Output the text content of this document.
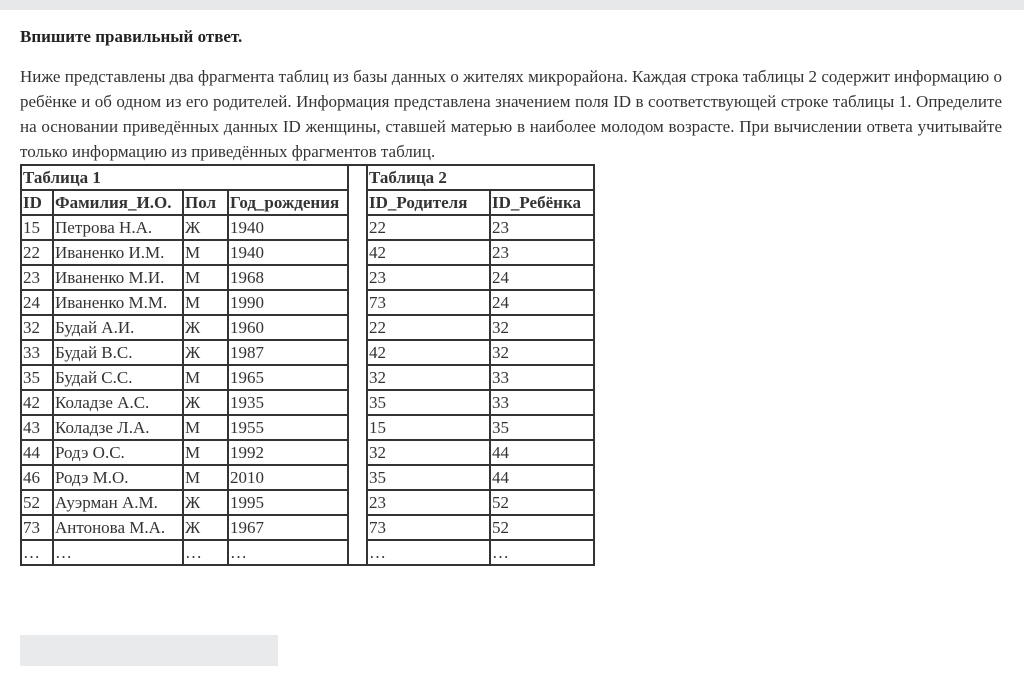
Впишите правильный ответ.

Ниже представлены два фрагмента таблиц из базы данных о жителях микрорайона. Каждая строка таблицы 2 содержит информацию о ребёнке и об одном из его родителей. Информация представлена значением поля ID в соответствующей строке таблицы 1. Определите на основании приведённых данных ID женщины, ставшей матерью в наиболее молодом возрасте. При вычислении ответа учитывайте только информацию из приведённых фрагментов таблиц.

Таблица 1					Таблица 2	
ID	Фамилия_И.О.	Пол	Год_рождения		ID_Родителя	ID_Ребёнка
15	Петрова Н.А.	Ж	1940		22	23
22	Иваненко И.М.	М	1940		42	23
23	Иваненко М.И.	М	1968		23	24
24	Иваненко М.М.	М	1990		73	24
32	Будай А.И.	Ж	1960		22	32
33	Будай В.С.	Ж	1987		42	32
35	Будай С.С.	М	1965		32	33
42	Коладзе А.С.	Ж	1935		35	33
43	Коладзе Л.А.	М	1955		15	35
44	Родэ О.С.	М	1992		32	44
46	Родэ М.О.	М	2010		35	44
52	Ауэрман А.М.	Ж	1995		23	52
73	Антонова М.А.	Ж	1967		73	52
…	…	…	…		…	…
